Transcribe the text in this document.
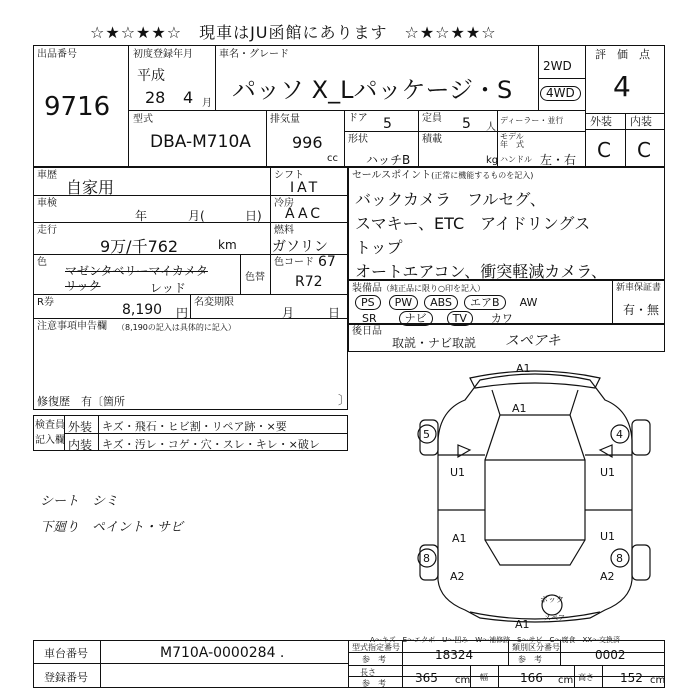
☆★☆★★☆　現車はJU函館にあります　☆★☆★★☆
出品番号
9716
初度登録年月
平成
28 4 月
車名・グレード
パッソ X_Lパッケージ・S
2WD
4WD
評　価　点
4
型式
DBA-M710A
排気量
996
cc
ドア 5	定員 5 人
ディーラー・並行
モデル
年　式
ハンドル 左・右
形状
ハッチB
積載
kg
外装
C
内装
C
車歴
自家用
シフト
IAT
車検
年	月(	日)
冷房
AAC
走行
9万/千762	km
燃料
ガソリン
色
マゼンタベリーマイカメタ
リック	レッド
色替
色コード 67
R72
R券	8,190 円
名変期限
月	日
注意事項申告欄 （8,190の記入は具体的に記入）
修復歴　有〔箇所	〕
セールスポイント(正常に機能するものを記入)
バックカメラ　フルセグ、
スマキー、ETC　アイドリングス
トップ
オートエアコン、衝突軽減カメラ、
装備品（純正品に限り○印を記入）
PS PW ABS エアB AW
SR	ナビ TV カワ
新車保証書
有・無
後日品
取説・ナビ取説 スペアキ
検査員
記入欄
外装 キズ・飛石・ヒビ割・リペア跡・×要
内装 キズ・汚レ・コゲ・穴・スレ・キレ・×破レ
シート　シミ
下廻り　ペイント・サビ
A1
A1
5	4
U1	U1
A1	U1
8	8
A2	A2
A1
ボック
スペア
A～キズ　E～エクボ　U～凹み　W～補修跡　S～サビ　C～腐食　XX～交換済
車台番号	M710A-0000284 .
登録番号
型式指定番号
参　考	18324
類別区分番号
参　考	0002
長さ
参　考 365 cm 幅	166 cm 高さ 152 cm
